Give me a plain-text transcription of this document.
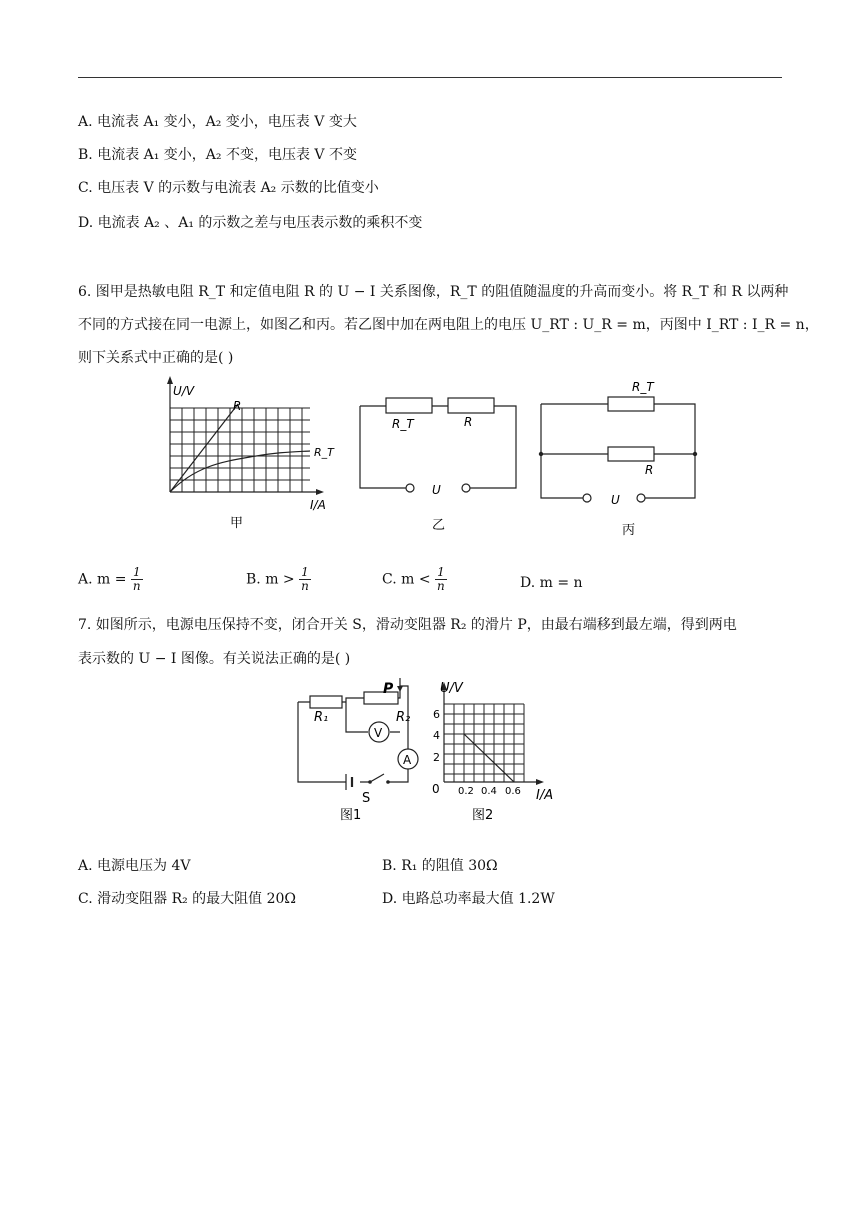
A. 电流表 A₁ 变小，A₂ 变小，电压表 V 变大
B. 电流表 A₁ 变小，A₂ 不变，电压表 V 不变
C. 电压表 V 的示数与电流表 A₂ 示数的比值变小
D. 电流表 A₂ 、A₁ 的示数之差与电压表示数的乘积不变
6. 图甲是热敏电阻 R_T 和定值电阻 R 的 U − I 关系图像，R_T 的阻值随温度的升高而变小。将 R_T 和 R 以两种
不同的方式接在同一电源上，如图乙和丙。若乙图中加在两电阻上的电压 U_RT : U_R = m，丙图中 I_RT : I_R = n，
则下关系式中正确的是( )
U/V
I/A
R
R_T
甲
R_T	R
U
乙
R_T
R
U
丙
A. $m = \frac{1}{n}$	B. $m > \frac{1}{n}$	C. $m < \frac{1}{n}$	D. m = n
7. 如图所示，电源电压保持不变，闭合开关 S，滑动变阻器 R₂ 的滑片 P，由最右端移到最左端，得到两电
表示数的 U − I 图像。有关说法正确的是( )
R₁	R₂
P
V
A
S
图1
U/V
I/A
0
6
4
2
0.2 0.4 0.6
图2
A. 电源电压为 4V	B. R₁ 的阻值 30Ω
C. 滑动变阻器 R₂ 的最大阻值 20Ω	D. 电路总功率最大值 1.2W
